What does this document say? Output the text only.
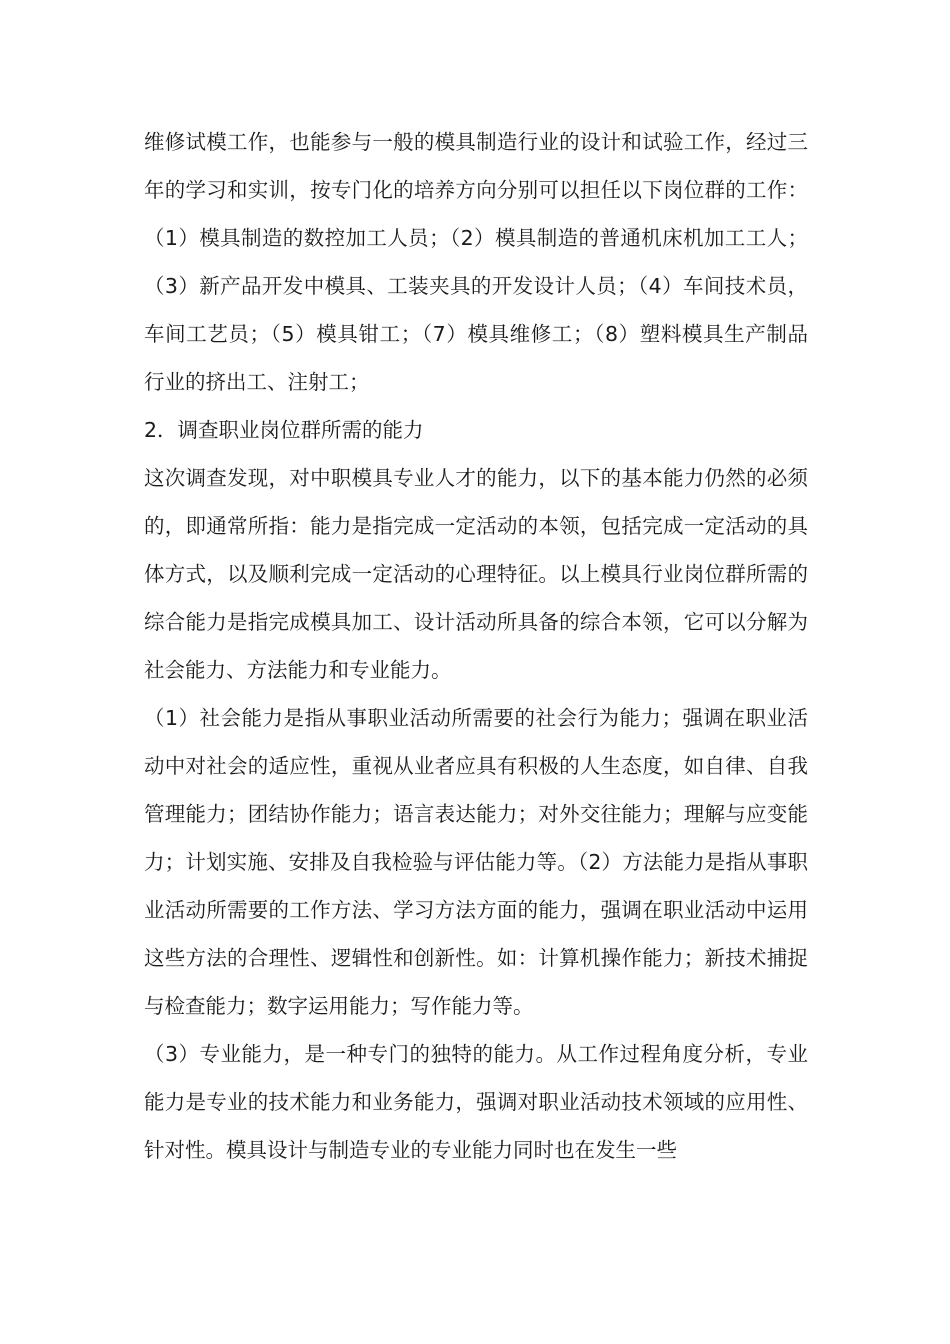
维修试模工作，也能参与一般的模具制造行业的设计和试验工作，经过三年的学习和实训，按专门化的培养方向分别可以担任以下岗位群的工作：（1）模具制造的数控加工人员；（2）模具制造的普通机床机加工工人；（3）新产品开发中模具、工装夹具的开发设计人员；（4）车间技术员，车间工艺员；（5）模具钳工；（7）模具维修工；（8）塑料模具生产制品行业的挤出工、注射工；

2．调查职业岗位群所需的能力

这次调查发现，对中职模具专业人才的能力，以下的基本能力仍然的必须的，即通常所指：能力是指完成一定活动的本领，包括完成一定活动的具体方式，以及顺利完成一定活动的心理特征。以上模具行业岗位群所需的综合能力是指完成模具加工、设计活动所具备的综合本领，它可以分解为社会能力、方法能力和专业能力。

（1）社会能力是指从事职业活动所需要的社会行为能力；强调在职业活动中对社会的适应性，重视从业者应具有积极的人生态度，如自律、自我管理能力；团结协作能力；语言表达能力；对外交往能力；理解与应变能力；计划实施、安排及自我检验与评估能力等。（2）方法能力是指从事职业活动所需要的工作方法、学习方法方面的能力，强调在职业活动中运用这些方法的合理性、逻辑性和创新性。如：计算机操作能力；新技术捕捉与检查能力；数字运用能力；写作能力等。

（3）专业能力，是一种专门的独特的能力。从工作过程角度分析，专业能力是专业的技术能力和业务能力，强调对职业活动技术领域的应用性、针对性。模具设计与制造专业的专业能力同时也在发生一些
